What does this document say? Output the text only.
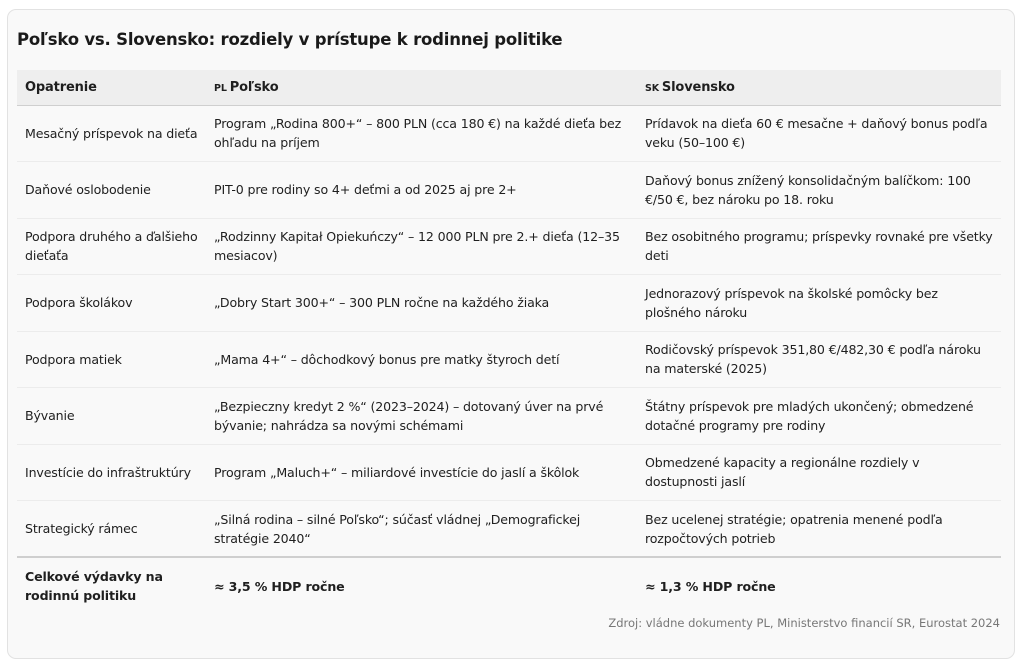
Poľsko vs. Slovensko: rozdiely v prístupe k rodinnej politike
Opatrenie	PL Poľsko	SK Slovensko
Mesačný príspevok na dieťa	Program „Rodina 800+“ – 800 PLN (cca 180 €) na každé dieťa bez ohľadu na príjem	Prídavok na dieťa 60 € mesačne + daňový bonus podľa veku (50–100 €)
Daňové oslobodenie	PIT-0 pre rodiny so 4+ deťmi a od 2025 aj pre 2+	Daňový bonus znížený konsolidačným balíčkom: 100 €/50 €, bez nároku po 18. roku
Podpora druhého a ďalšieho dieťaťa	„Rodzinny Kapitał Opiekuńczy“ – 12 000 PLN pre 2.+ dieťa (12–35 mesiacov)	Bez osobitného programu; príspevky rovnaké pre všetky deti
Podpora školákov	„Dobry Start 300+“ – 300 PLN ročne na každého žiaka	Jednorazový príspevok na školské pomôcky bez plošného nároku
Podpora matiek	„Mama 4+“ – dôchodkový bonus pre matky štyroch detí	Rodičovský príspevok 351,80 €/482,30 € podľa nároku na materské (2025)
Bývanie	„Bezpieczny kredyt 2 %“ (2023–2024) – dotovaný úver na prvé bývanie; nahrádza sa novými schémami	Štátny príspevok pre mladých ukončený; obmedzené dotačné programy pre rodiny
Investície do infraštruktúry	Program „Maluch+“ – miliardové investície do jaslí a škôlok	Obmedzené kapacity a regionálne rozdiely v dostupnosti jaslí
Strategický rámec	„Silná rodina – silné Poľsko“; súčasť vládnej „Demografickej stratégie 2040“	Bez ucelenej stratégie; opatrenia menené podľa rozpočtových potrieb
Celkové výdavky na rodinnú politiku	≈ 3,5 % HDP ročne	≈ 1,3 % HDP ročne
Zdroj: vládne dokumenty PL, Ministerstvo financií SR, Eurostat 2024
